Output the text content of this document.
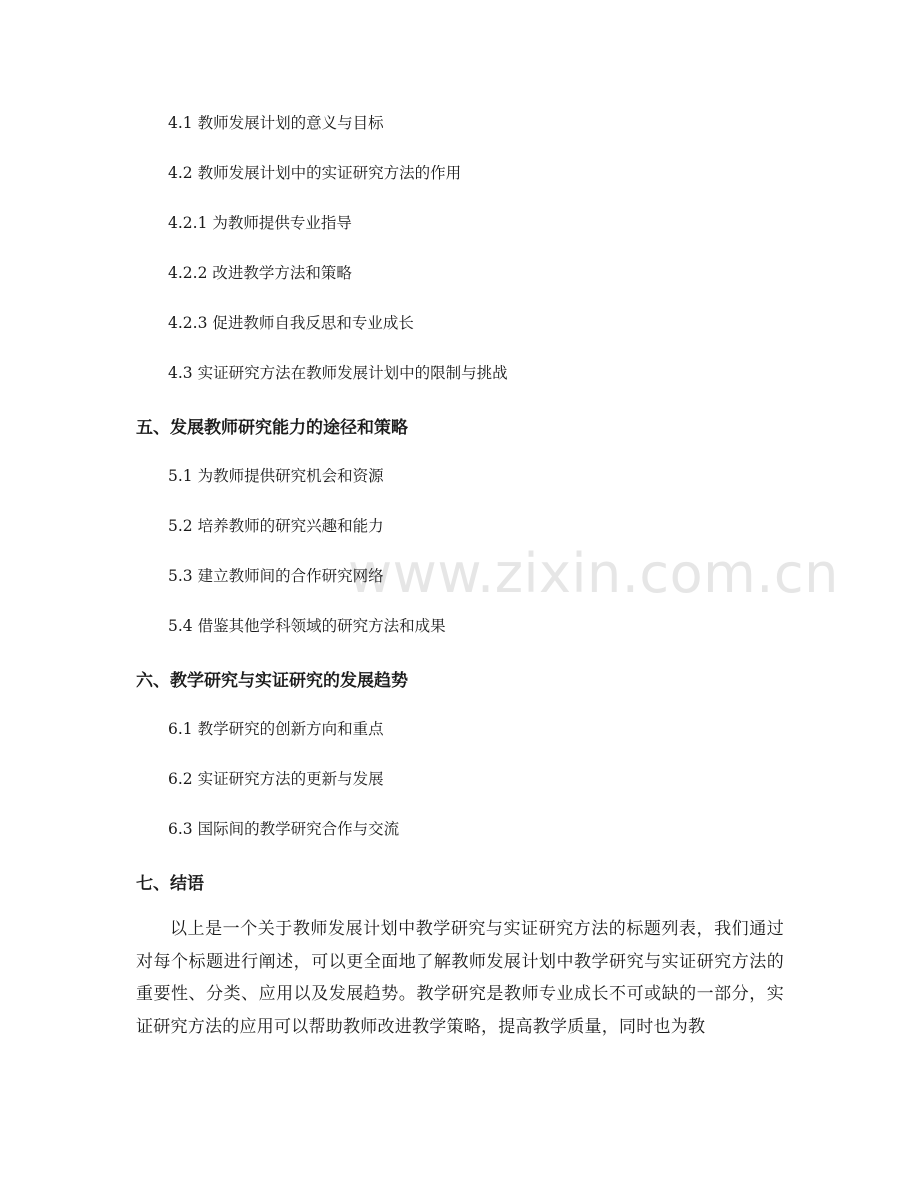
www.zixin.com.cn
4.1 教师发展计划的意义与目标
4.2 教师发展计划中的实证研究方法的作用
4.2.1 为教师提供专业指导
4.2.2 改进教学方法和策略
4.2.3 促进教师自我反思和专业成长
4.3 实证研究方法在教师发展计划中的限制与挑战
五、发展教师研究能力的途径和策略
5.1 为教师提供研究机会和资源
5.2 培养教师的研究兴趣和能力
5.3 建立教师间的合作研究网络
5.4 借鉴其他学科领域的研究方法和成果
六、教学研究与实证研究的发展趋势
6.1 教学研究的创新方向和重点
6.2 实证研究方法的更新与发展
6.3 国际间的教学研究合作与交流
七、结语

以上是一个关于教师发展计划中教学研究与实证研究方法的标题列表，我们通过对每个标题进行阐述，可以更全面地了解教师发展计划中教学研究与实证研究方法的重要性、分类、应用以及发展趋势。教学研究是教师专业成长不可或缺的一部分，实证研究方法的应用可以帮助教师改进教学策略，提高教学质量，同时也为教
